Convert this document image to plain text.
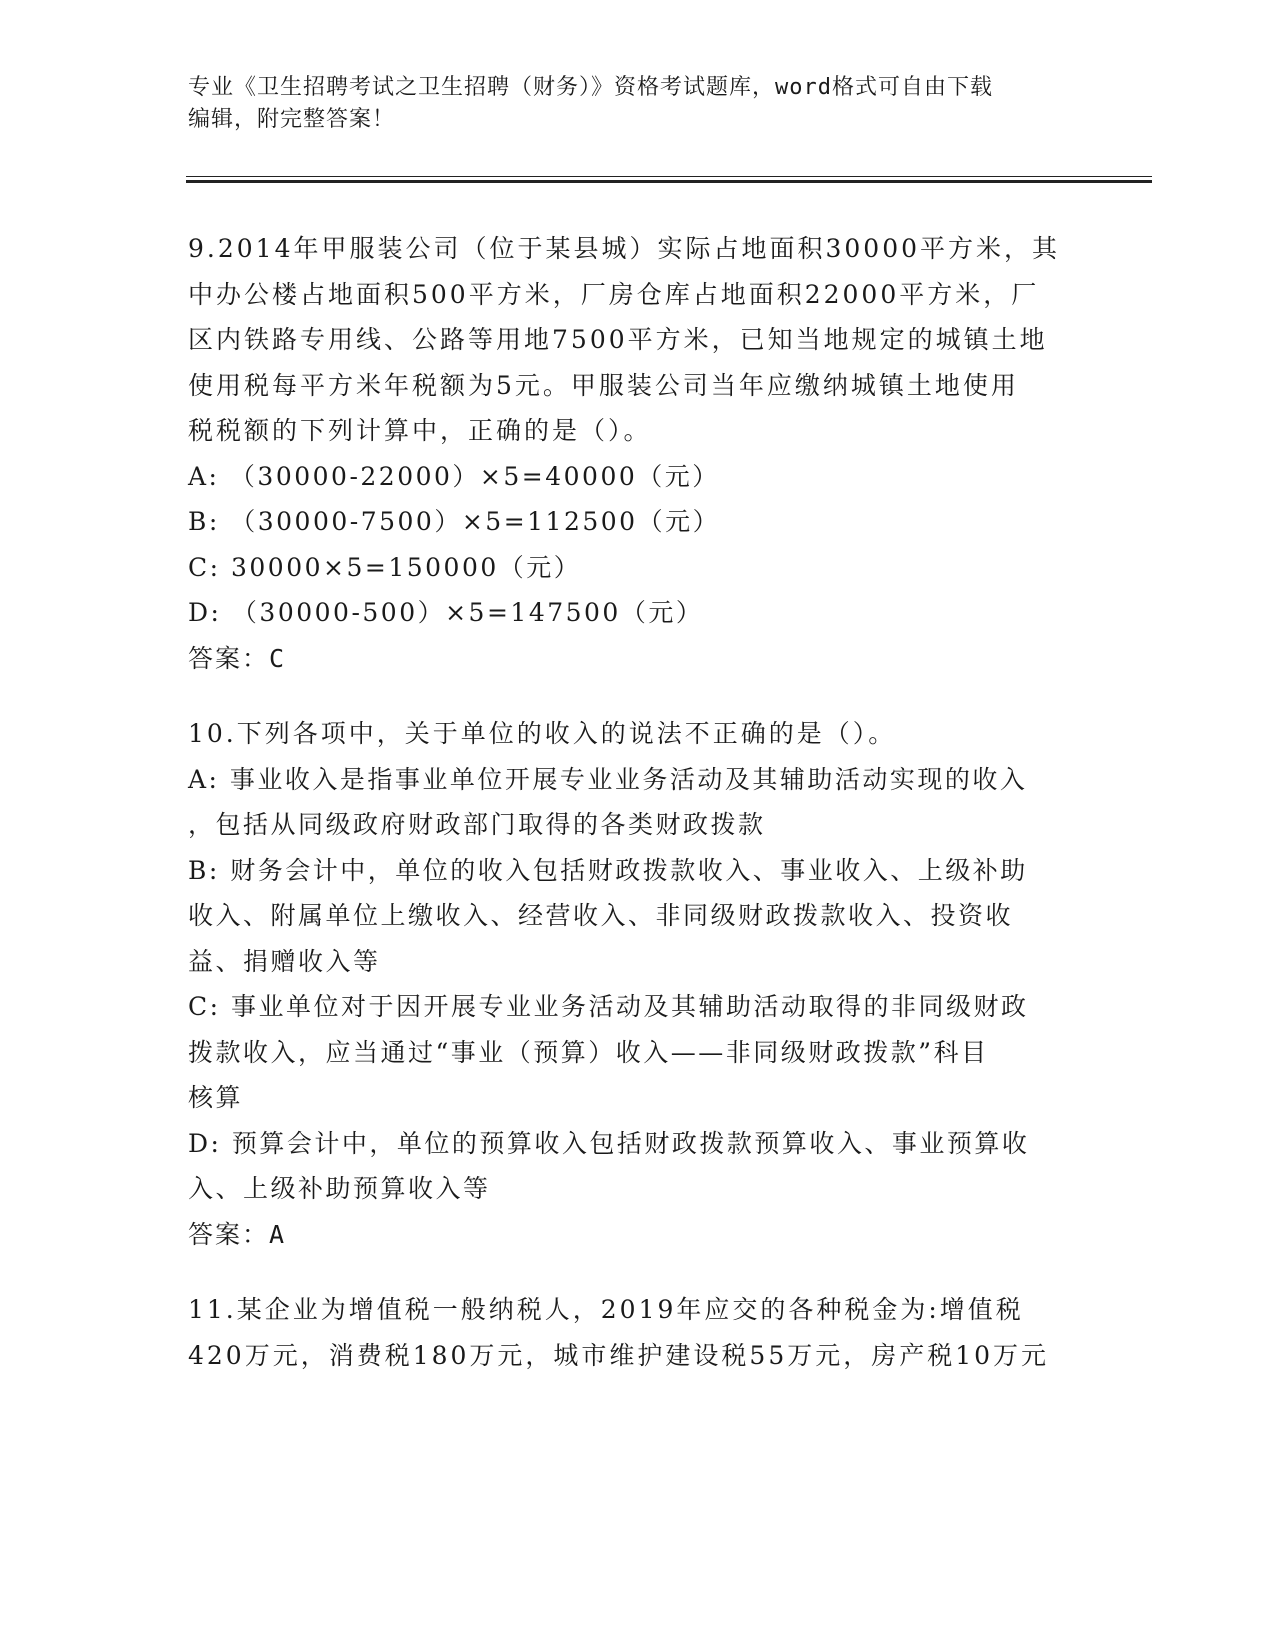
专业《卫生招聘考试之卫生招聘（财务）》资格考试题库，word格式可自由下载
编辑，附完整答案！
9.2014年甲服装公司（位于某县城）实际占地面积30000平方米，其
中办公楼占地面积500平方米，厂房仓库占地面积22000平方米，厂
区内铁路专用线、公路等用地7500平方米，已知当地规定的城镇土地
使用税每平方米年税额为5元。甲服装公司当年应缴纳城镇土地使用
税税额的下列计算中，正确的是（）。
A: （30000-22000）×5=40000（元）
B: （30000-7500）×5=112500（元）
C: 30000×5=150000（元）
D: （30000-500）×5=147500（元）
答案：C
10.下列各项中，关于单位的收入的说法不正确的是（）。
A: 事业收入是指事业单位开展专业业务活动及其辅助活动实现的收入
，包括从同级政府财政部门取得的各类财政拨款
B: 财务会计中，单位的收入包括财政拨款收入、事业收入、上级补助
收入、附属单位上缴收入、经营收入、非同级财政拨款收入、投资收
益、捐赠收入等
C: 事业单位对于因开展专业业务活动及其辅助活动取得的非同级财政
拨款收入，应当通过“事业（预算）收入——非同级财政拨款”科目
核算
D: 预算会计中，单位的预算收入包括财政拨款预算收入、事业预算收
入、上级补助预算收入等
答案：A
11.某企业为增值税一般纳税人，2019年应交的各种税金为:增值税
420万元，消费税180万元，城市维护建设税55万元，房产税10万元
